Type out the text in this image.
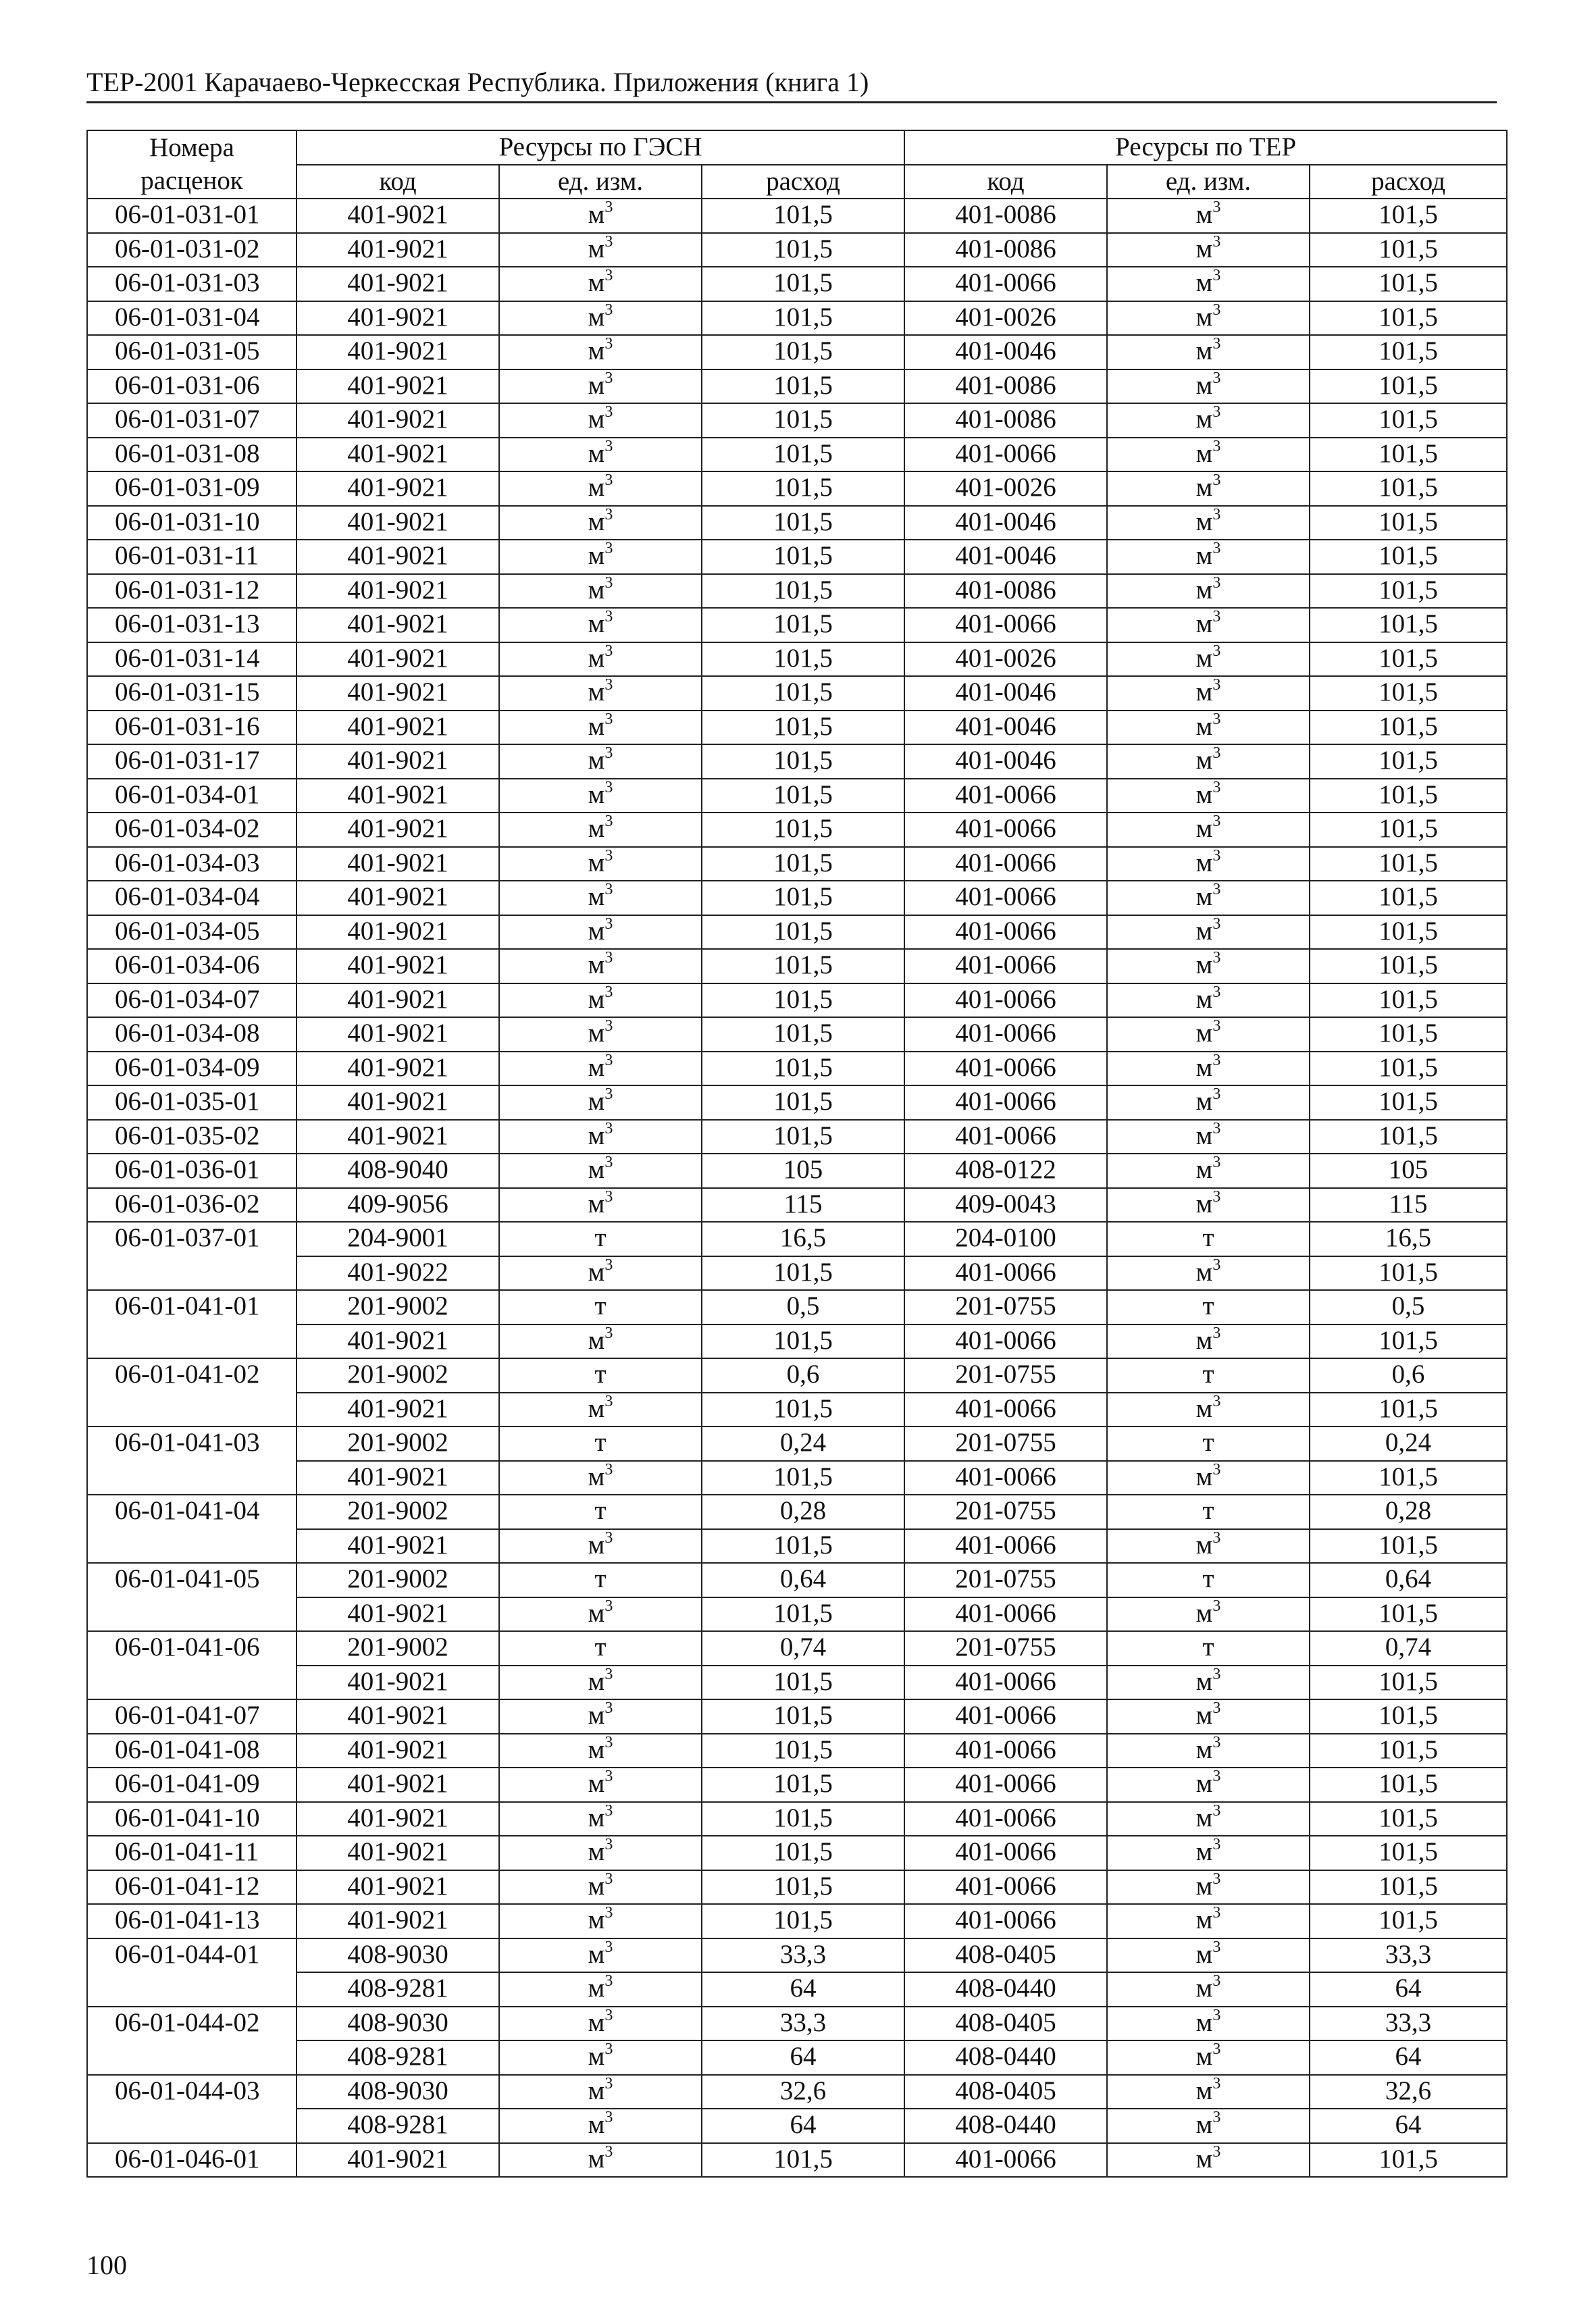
ТЕР-2001 Карачаево-Черкесская Республика. Приложения (книга 1)
Номера	Ресурсы по ГЭСН			Ресурсы по ТЕР		
расценок	код	ед. изм.	расход	код	ед. изм.	расход
06-01-031-01	401-9021	$м^3$	101,5	401-0086	$м^3$	101,5
06-01-031-02	401-9021	$м^3$	101,5	401-0086	$м^3$	101,5
06-01-031-03	401-9021	$м^3$	101,5	401-0066	$м^3$	101,5
06-01-031-04	401-9021	$м^3$	101,5	401-0026	$м^3$	101,5
06-01-031-05	401-9021	$м^3$	101,5	401-0046	$м^3$	101,5
06-01-031-06	401-9021	$м^3$	101,5	401-0086	$м^3$	101,5
06-01-031-07	401-9021	$м^3$	101,5	401-0086	$м^3$	101,5
06-01-031-08	401-9021	$м^3$	101,5	401-0066	$м^3$	101,5
06-01-031-09	401-9021	$м^3$	101,5	401-0026	$м^3$	101,5
06-01-031-10	401-9021	$м^3$	101,5	401-0046	$м^3$	101,5
06-01-031-11	401-9021	$м^3$	101,5	401-0046	$м^3$	101,5
06-01-031-12	401-9021	$м^3$	101,5	401-0086	$м^3$	101,5
06-01-031-13	401-9021	$м^3$	101,5	401-0066	$м^3$	101,5
06-01-031-14	401-9021	$м^3$	101,5	401-0026	$м^3$	101,5
06-01-031-15	401-9021	$м^3$	101,5	401-0046	$м^3$	101,5
06-01-031-16	401-9021	$м^3$	101,5	401-0046	$м^3$	101,5
06-01-031-17	401-9021	$м^3$	101,5	401-0046	$м^3$	101,5
06-01-034-01	401-9021	$м^3$	101,5	401-0066	$м^3$	101,5
06-01-034-02	401-9021	$м^3$	101,5	401-0066	$м^3$	101,5
06-01-034-03	401-9021	$м^3$	101,5	401-0066	$м^3$	101,5
06-01-034-04	401-9021	$м^3$	101,5	401-0066	$м^3$	101,5
06-01-034-05	401-9021	$м^3$	101,5	401-0066	$м^3$	101,5
06-01-034-06	401-9021	$м^3$	101,5	401-0066	$м^3$	101,5
06-01-034-07	401-9021	$м^3$	101,5	401-0066	$м^3$	101,5
06-01-034-08	401-9021	$м^3$	101,5	401-0066	$м^3$	101,5
06-01-034-09	401-9021	$м^3$	101,5	401-0066	$м^3$	101,5
06-01-035-01	401-9021	$м^3$	101,5	401-0066	$м^3$	101,5
06-01-035-02	401-9021	$м^3$	101,5	401-0066	$м^3$	101,5
06-01-036-01	408-9040	$м^3$	105	408-0122	$м^3$	105
06-01-036-02	409-9056	$м^3$	115	409-0043	$м^3$	115
06-01-037-01	204-9001	т	16,5	204-0100	т	16,5
	401-9022	$м^3$	101,5	401-0066	$м^3$	101,5
06-01-041-01	201-9002	т	0,5	201-0755	т	0,5
	401-9021	$м^3$	101,5	401-0066	$м^3$	101,5
06-01-041-02	201-9002	т	0,6	201-0755	т	0,6
	401-9021	$м^3$	101,5	401-0066	$м^3$	101,5
06-01-041-03	201-9002	т	0,24	201-0755	т	0,24
	401-9021	$м^3$	101,5	401-0066	$м^3$	101,5
06-01-041-04	201-9002	т	0,28	201-0755	т	0,28
	401-9021	$м^3$	101,5	401-0066	$м^3$	101,5
06-01-041-05	201-9002	т	0,64	201-0755	т	0,64
	401-9021	$м^3$	101,5	401-0066	$м^3$	101,5
06-01-041-06	201-9002	т	0,74	201-0755	т	0,74
	401-9021	$м^3$	101,5	401-0066	$м^3$	101,5
06-01-041-07	401-9021	$м^3$	101,5	401-0066	$м^3$	101,5
06-01-041-08	401-9021	$м^3$	101,5	401-0066	$м^3$	101,5
06-01-041-09	401-9021	$м^3$	101,5	401-0066	$м^3$	101,5
06-01-041-10	401-9021	$м^3$	101,5	401-0066	$м^3$	101,5
06-01-041-11	401-9021	$м^3$	101,5	401-0066	$м^3$	101,5
06-01-041-12	401-9021	$м^3$	101,5	401-0066	$м^3$	101,5
06-01-041-13	401-9021	$м^3$	101,5	401-0066	$м^3$	101,5
06-01-044-01	408-9030	$м^3$	33,3	408-0405	$м^3$	33,3
	408-9281	$м^3$	64	408-0440	$м^3$	64
06-01-044-02	408-9030	$м^3$	33,3	408-0405	$м^3$	33,3
	408-9281	$м^3$	64	408-0440	$м^3$	64
06-01-044-03	408-9030	$м^3$	32,6	408-0405	$м^3$	32,6
	408-9281	$м^3$	64	408-0440	$м^3$	64
06-01-046-01	401-9021	$м^3$	101,5	401-0066	$м^3$	101,5
100
